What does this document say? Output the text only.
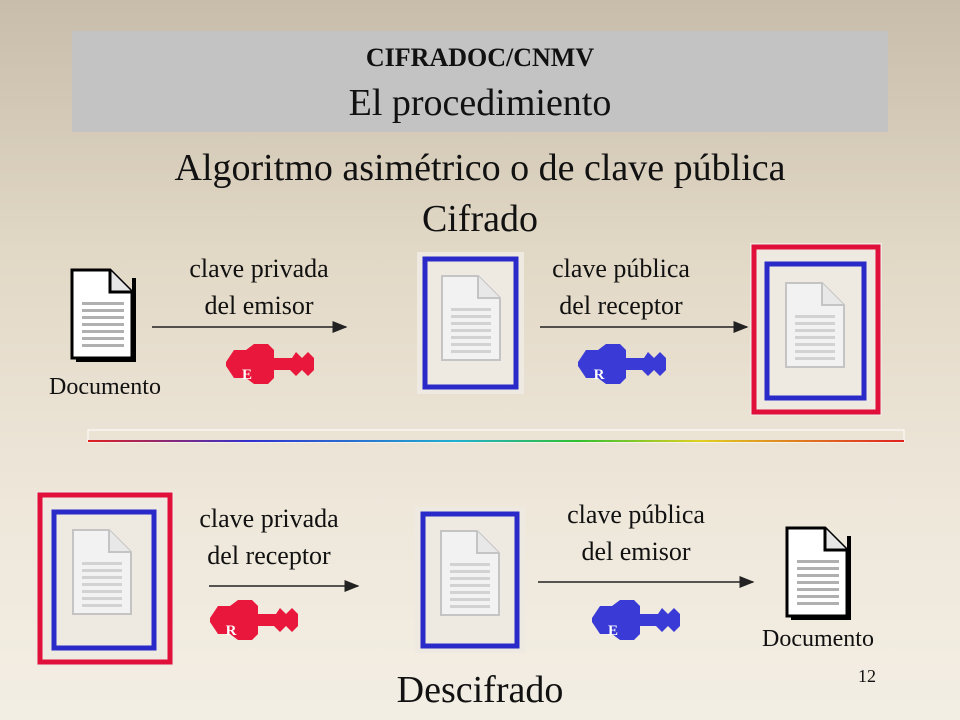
CIFRADOC/CNMV
El procedimiento
Algoritmo asimétrico o de clave pública
Cifrado
E	R
R	E
clave privada
del emisor
clave pública
del receptor
Documento
clave privada
del receptor
clave pública
del emisor
Documento
Descifrado	12
